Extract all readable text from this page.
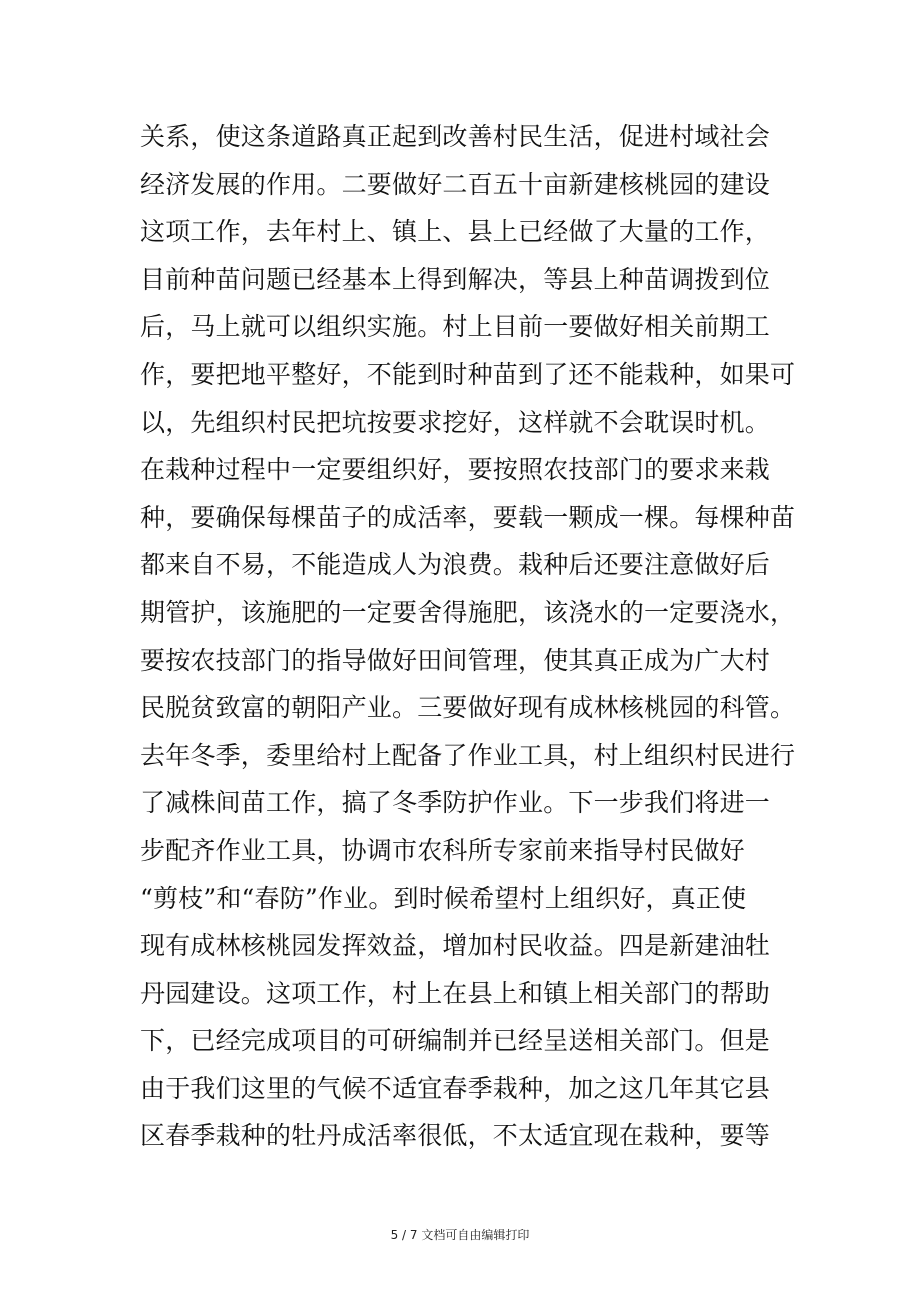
关系，使这条道路真正起到改善村民生活，促进村域社会
经济发展的作用。二要做好二百五十亩新建核桃园的建设
这项工作，去年村上、镇上、县上已经做了大量的工作，
目前种苗问题已经基本上得到解决，等县上种苗调拨到位
后，马上就可以组织实施。村上目前一要做好相关前期工
作，要把地平整好，不能到时种苗到了还不能栽种，如果可
以，先组织村民把坑按要求挖好，这样就不会耽误时机。
在栽种过程中一定要组织好，要按照农技部门的要求来栽
种，要确保每棵苗子的成活率，要载一颗成一棵。每棵种苗
都来自不易，不能造成人为浪费。栽种后还要注意做好后
期管护，该施肥的一定要舍得施肥，该浇水的一定要浇水，
要按农技部门的指导做好田间管理，使其真正成为广大村
民脱贫致富的朝阳产业。三要做好现有成林核桃园的科管。
去年冬季，委里给村上配备了作业工具，村上组织村民进行
了减株间苗工作，搞了冬季防护作业。下一步我们将进一
步配齐作业工具，协调市农科所专家前来指导村民做好
“剪枝”和“春防”作业。到时候希望村上组织好，真正使
现有成林核桃园发挥效益，增加村民收益。四是新建油牡
丹园建设。这项工作，村上在县上和镇上相关部门的帮助
下，已经完成项目的可研编制并已经呈送相关部门。但是
由于我们这里的气候不适宜春季栽种，加之这几年其它县
区春季栽种的牡丹成活率很低，不太适宜现在栽种，要等
5 / 7 文档可自由编辑打印
